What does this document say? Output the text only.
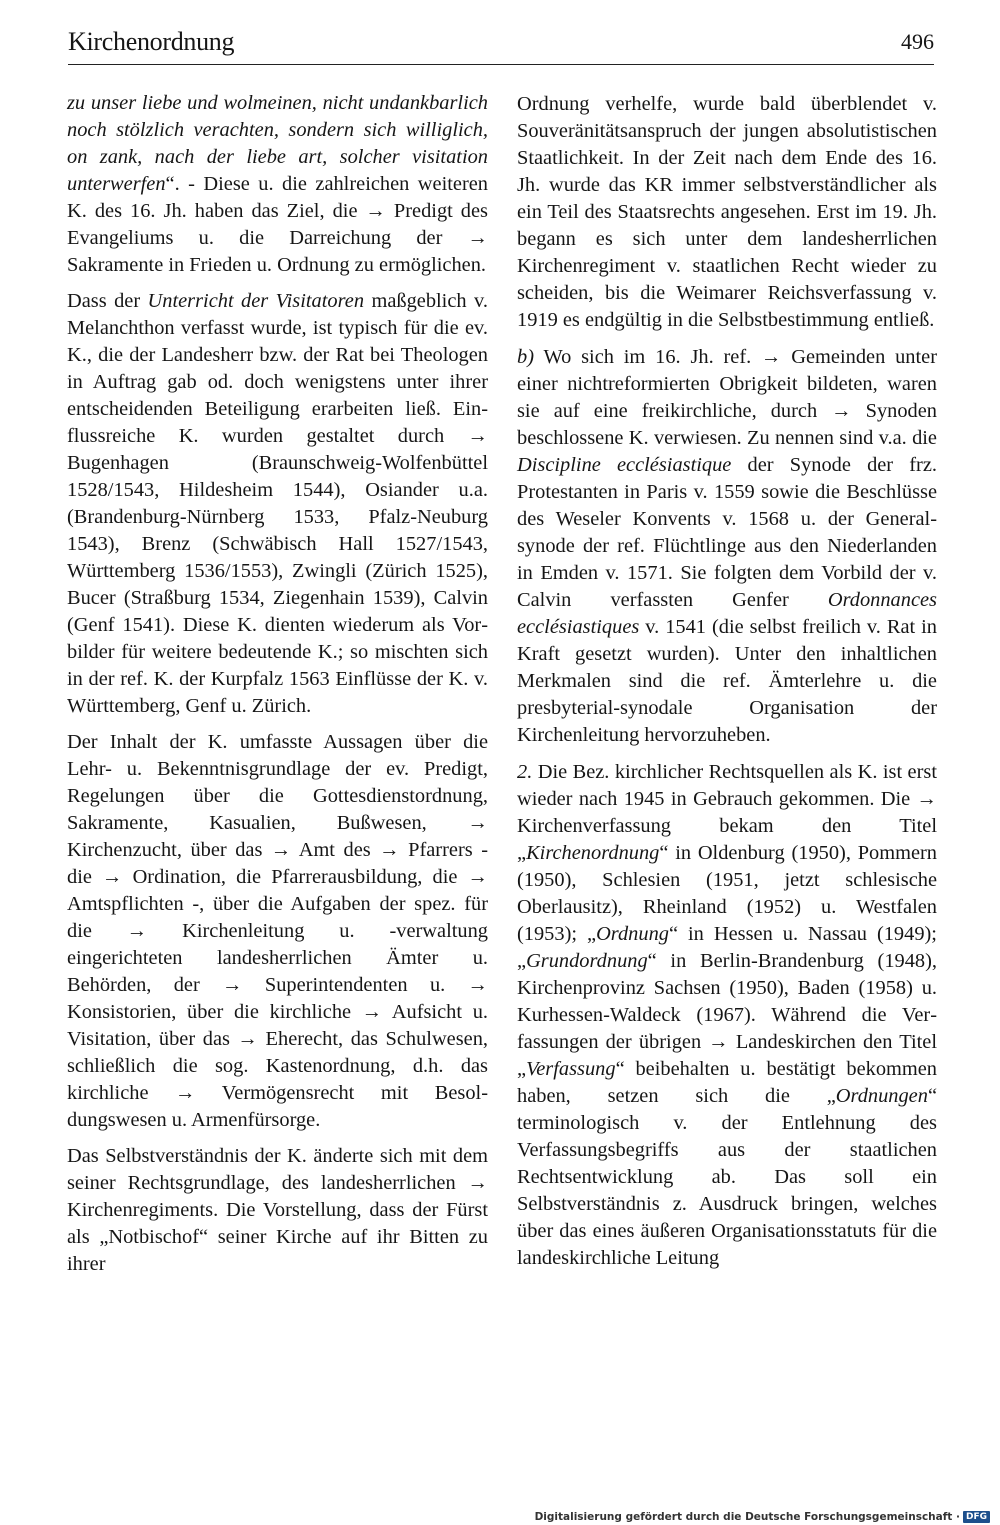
Kirchenordnung	496

zu unser liebe und wolmeinen, nicht undankbarlich noch stölzlich verachten, sondern sich williglich, on zank, nach der liebe art, solcher visitation unterwerfen“. - Diese u. die zahlreichen weiteren K. des 16. Jh. haben das Ziel, die → Predigt des Evangeliums u. die Darreichung der → Sakramente in Frieden u. Ordnung zu ermöglichen.

Dass der Unterricht der Visitatoren maßgeblich v. Melanchthon verfasst wurde, ist typisch für die ev. K., die der Landesherr bzw. der Rat bei Theologen in Auftrag gab od. doch wenigstens unter ihrer entscheidenden Beteiligung erarbeiten ließ. Einflussreiche K. wurden gestaltet durch → Bugenhagen (Braunschweig-Wolfenbüttel 1528/1543, Hildesheim 1544), Osiander u.a. (Brandenburg-Nürnberg 1533, Pfalz-Neuburg 1543), Brenz (Schwäbisch Hall 1527/1543, Württemberg 1536/1553), Zwingli (Zürich 1525), Bucer (Straßburg 1534, Ziegenhain 1539), Calvin (Genf 1541). Diese K. dienten wiederum als Vorbilder für weitere bedeutende K.; so mischten sich in der ref. K. der Kurpfalz 1563 Einflüsse der K. v. Württemberg, Genf u. Zürich.

Der Inhalt der K. umfasste Aussagen über die Lehr- u. Bekenntnisgrundlage der ev. Predigt, Regelungen über die Gottesdienstordnung, Sakramente, Kasualien, Bußwesen, → Kirchenzucht, über das → Amt des → Pfarrers - die → Ordination, die Pfarrerausbildung, die → Amtspflichten -, über die Aufgaben der spez. für die → Kirchenleitung u. -verwaltung eingerichteten landesherrlichen Ämter u. Behörden, der → Superintendenten u. → Konsistorien, über die kirchliche → Aufsicht u. Visitation, über das → Eherecht, das Schulwesen, schließlich die sog. Kastenordnung, d.h. das kirchliche → Vermögensrecht mit Besoldungswesen u. Armenfürsorge.

Das Selbstverständnis der K. änderte sich mit dem seiner Rechtsgrundlage, des landesherrlichen → Kirchenregiments. Die Vorstellung, dass der Fürst als „Notbischof“ seiner Kirche auf ihr Bitten zu ihrer

Ordnung verhelfe, wurde bald überblendet v. Souveränitätsanspruch der jungen absolutistischen Staatlichkeit. In der Zeit nach dem Ende des 16. Jh. wurde das KR immer selbstverständlicher als ein Teil des Staatsrechts angesehen. Erst im 19. Jh. begann es sich unter dem landesherrlichen Kirchenregiment v. staatlichen Recht wieder zu scheiden, bis die Weimarer Reichsverfassung v. 1919 es endgültig in die Selbstbestimmung entließ.

b) Wo sich im 16. Jh. ref. → Gemeinden unter einer nichtreformierten Obrigkeit bildeten, waren sie auf eine freikirchliche, durch → Synoden beschlossene K. verwiesen. Zu nennen sind v.a. die Discipline ecclésiastique der Synode der frz. Protestanten in Paris v. 1559 sowie die Beschlüsse des Weseler Konvents v. 1568 u. der Generalsynode der ref. Flüchtlinge aus den Niederlanden in Emden v. 1571. Sie folgten dem Vorbild der v. Calvin verfassten Genfer Ordonnances ecclésiastiques v. 1541 (die selbst freilich v. Rat in Kraft gesetzt wurden). Unter den inhaltlichen Merkmalen sind die ref. Ämterlehre u. die presbyterial-synodale Organisation der Kirchenleitung hervorzuheben.

2. Die Bez. kirchlicher Rechtsquellen als K. ist erst wieder nach 1945 in Gebrauch gekommen. Die → Kirchenverfassung bekam den Titel „Kirchenordnung“ in Oldenburg (1950), Pommern (1950), Schlesien (1951, jetzt schlesische Oberlausitz), Rheinland (1952) u. Westfalen (1953); „Ordnung“ in Hessen u. Nassau (1949); „Grundordnung“ in Berlin-Brandenburg (1948), Kirchenprovinz Sachsen (1950), Baden (1958) u. Kurhessen-Waldeck (1967). Während die Verfassungen der übrigen → Landeskirchen den Titel „Verfassung“ beibehalten u. bestätigt bekommen haben, setzen sich die „Ordnungen“ terminologisch v. der Entlehnung des Verfassungsbegriffs aus der staatlichen Rechtsentwicklung ab. Das soll ein Selbstverständnis z. Ausdruck bringen, welches über das eines äußeren Organisationsstatuts für die landeskirchliche Leitung

Digitalisierung gefördert durch die Deutsche Forschungsgemeinschaft · DFG
